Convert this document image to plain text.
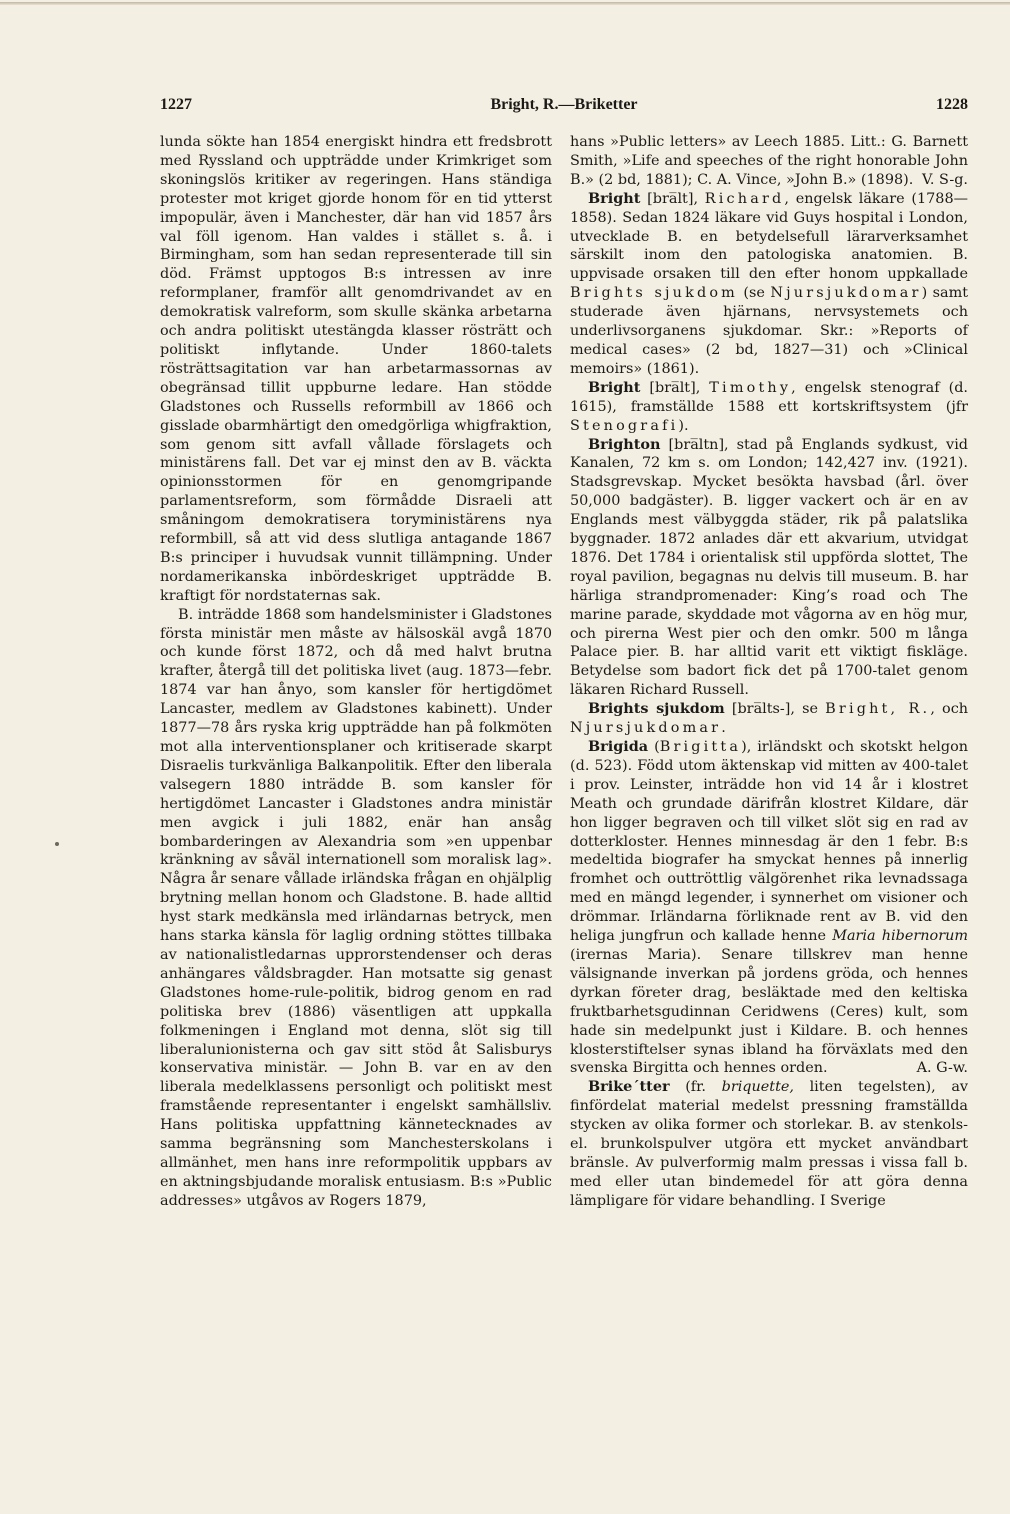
1227	Bright, R.—Briketter	1228

lunda sökte han 1854 energiskt hindra ett fredsbrott med Ryssland och uppträdde under Krimkriget som skoningslös kritiker av regeringen. Hans ständiga protester mot kriget gjorde honom för en tid ytterst impopulär, även i Manchester, där han vid 1857 års val föll igenom. Han valdes i stället s. å. i Birmingham, som han sedan representerade till sin död. Främst upptogos B:s intressen av inre reformplaner, framför allt genomdrivandet av en demokratisk valreform, som skulle skänka arbetarna och andra politiskt utestängda klasser rösträtt och politiskt inflytande. Under 1860-talets rösträttsagitation var han arbetarmassornas av obegränsad tillit uppburne ledare. Han stödde Gladstones och Russells reformbill av 1866 och gisslade obarmhärtigt den omedgörliga whigfraktion, som genom sitt avfall vållade förslagets och ministärens fall. Det var ej minst den av B. väckta opinionsstormen för en genomgripande parlamentsreform, som förmådde Disraeli att småningom demokratisera toryministärens nya reformbill, så att vid dess slutliga antagande 1867 B:s principer i huvudsak vunnit tillämpning. Under nordamerikanska inbördeskriget uppträdde B. kraftigt för nordstaternas sak.

B. inträdde 1868 som handelsminister i Gladstones första ministär men måste av hälsoskäl avgå 1870 och kunde först 1872, och då med halvt brutna krafter, återgå till det politiska livet (aug. 1873—febr. 1874 var han ånyo, som kansler för hertigdömet Lancaster, medlem av Gladstones kabinett). Under 1877—78 års ryska krig uppträdde han på folkmöten mot alla interventionsplaner och kritiserade skarpt Disraelis turkvänliga Balkanpolitik. Efter den liberala valsegern 1880 inträdde B. som kansler för hertigdömet Lancaster i Gladstones andra ministär men avgick i juli 1882, enär han ansåg bombarderingen av Alexandria som »en uppenbar kränkning av såväl internationell som moralisk lag». Några år senare vållade irländska frågan en ohjälplig brytning mellan honom och Gladstone. B. hade alltid hyst stark medkänsla med irländarnas betryck, men hans starka känsla för laglig ordning stöttes tillbaka av nationalistledarnas upprorstendenser och deras anhängares våldsbragder. Han motsatte sig genast Gladstones home-rule-politik, bidrog genom en rad politiska brev (1886) väsentligen att uppkalla folkmeningen i England mot denna, slöt sig till liberalunionisterna och gav sitt stöd åt Salisburys konservativa ministär. — John B. var en av den liberala medelklassens personligt och politiskt mest framstående representanter i engelskt samhällsliv. Hans politiska uppfattning kännetecknades av samma begränsning som Manchesterskolans i allmänhet, men hans inre reformpolitik uppbars av en aktningsbjudande moralisk entusiasm. B:s »Public addresses» utgåvos av Rogers 1879,

hans »Public letters» av Leech 1885. Litt.: G. Barnett Smith, »Life and speeches of the right honorable John B.» (2 bd, 1881); C. A. Vince, »John B.» (1898). V. S-g.

Bright [bra̅lt], Richard, engelsk läkare (1788—1858). Sedan 1824 läkare vid Guys hospital i London, utvecklade B. en betydelsefull lärarverksamhet särskilt inom den patologiska anatomien. B. uppvisade orsaken till den efter honom uppkallade Brights sjukdom (se Njursjukdomar) samt studerade även hjärnans, nervsystemets och underlivsorganens sjukdomar. Skr.: »Reports of medical cases» (2 bd, 1827—31) och »Clinical memoirs» (1861).

Bright [bra̅lt], Timothy, engelsk stenograf (d. 1615), framställde 1588 ett kortskriftsystem (jfr Stenografi).

Brighton [bra̅ltn], stad på Englands sydkust, vid Kanalen, 72 km s. om London; 142,427 inv. (1921). Stadsgrevskap. Mycket besökta havsbad (årl. över 50,000 badgäster). B. ligger vackert och är en av Englands mest välbyggda städer, rik på palatslika byggnader. 1872 anlades där ett akvarium, utvidgat 1876. Det 1784 i orientalisk stil uppförda slottet, The royal pavilion, begagnas nu delvis till museum. B. har härliga strandpromenader: King’s road och The marine parade, skyddade mot vågorna av en hög mur, och pirerna West pier och den omkr. 500 m långa Palace pier. B. har alltid varit ett viktigt fiskläge. Betydelse som badort fick det på 1700-talet genom läkaren Richard Russell.

Brights sjukdom [bra̅lts-], se Bright, R., och Njursjukdomar.

Brigida (Brigitta), irländskt och skotskt helgon (d. 523). Född utom äktenskap vid mitten av 400-talet i prov. Leinster, inträdde hon vid 14 år i klostret Meath och grundade därifrån klostret Kildare, där hon ligger begraven och till vilket slöt sig en rad av dotterkloster. Hennes minnesdag är den 1 febr. B:s medeltida biografer ha smyckat hennes på innerlig fromhet och outtröttlig välgörenhet rika levnadssaga med en mängd legender, i synnerhet om visioner och drömmar. Irländarna förliknade rent av B. vid den heliga jungfrun och kallade henne Maria hibernorum (irernas Maria). Senare tillskrev man henne välsignande inverkan på jordens gröda, och hennes dyrkan företer drag, besläktade med den keltiska fruktbarhetsgudinnan Ceridwens (Ceres) kult, som hade sin medelpunkt just i Kildare. B. och hennes klosterstiftelser synas ibland ha förväxlats med den svenska Birgitta och hennes orden.	A. G-w.

Brike´tter (fr. briquette, liten tegelsten), av finfördelat material medelst pressning framställda stycken av olika former och storlekar. B. av stenkols- el. brunkolspulver utgöra ett mycket användbart bränsle. Av pulverformig malm pressas i vissa fall b. med eller utan bindemedel för att göra denna lämpligare för vidare behandling. I Sverige
